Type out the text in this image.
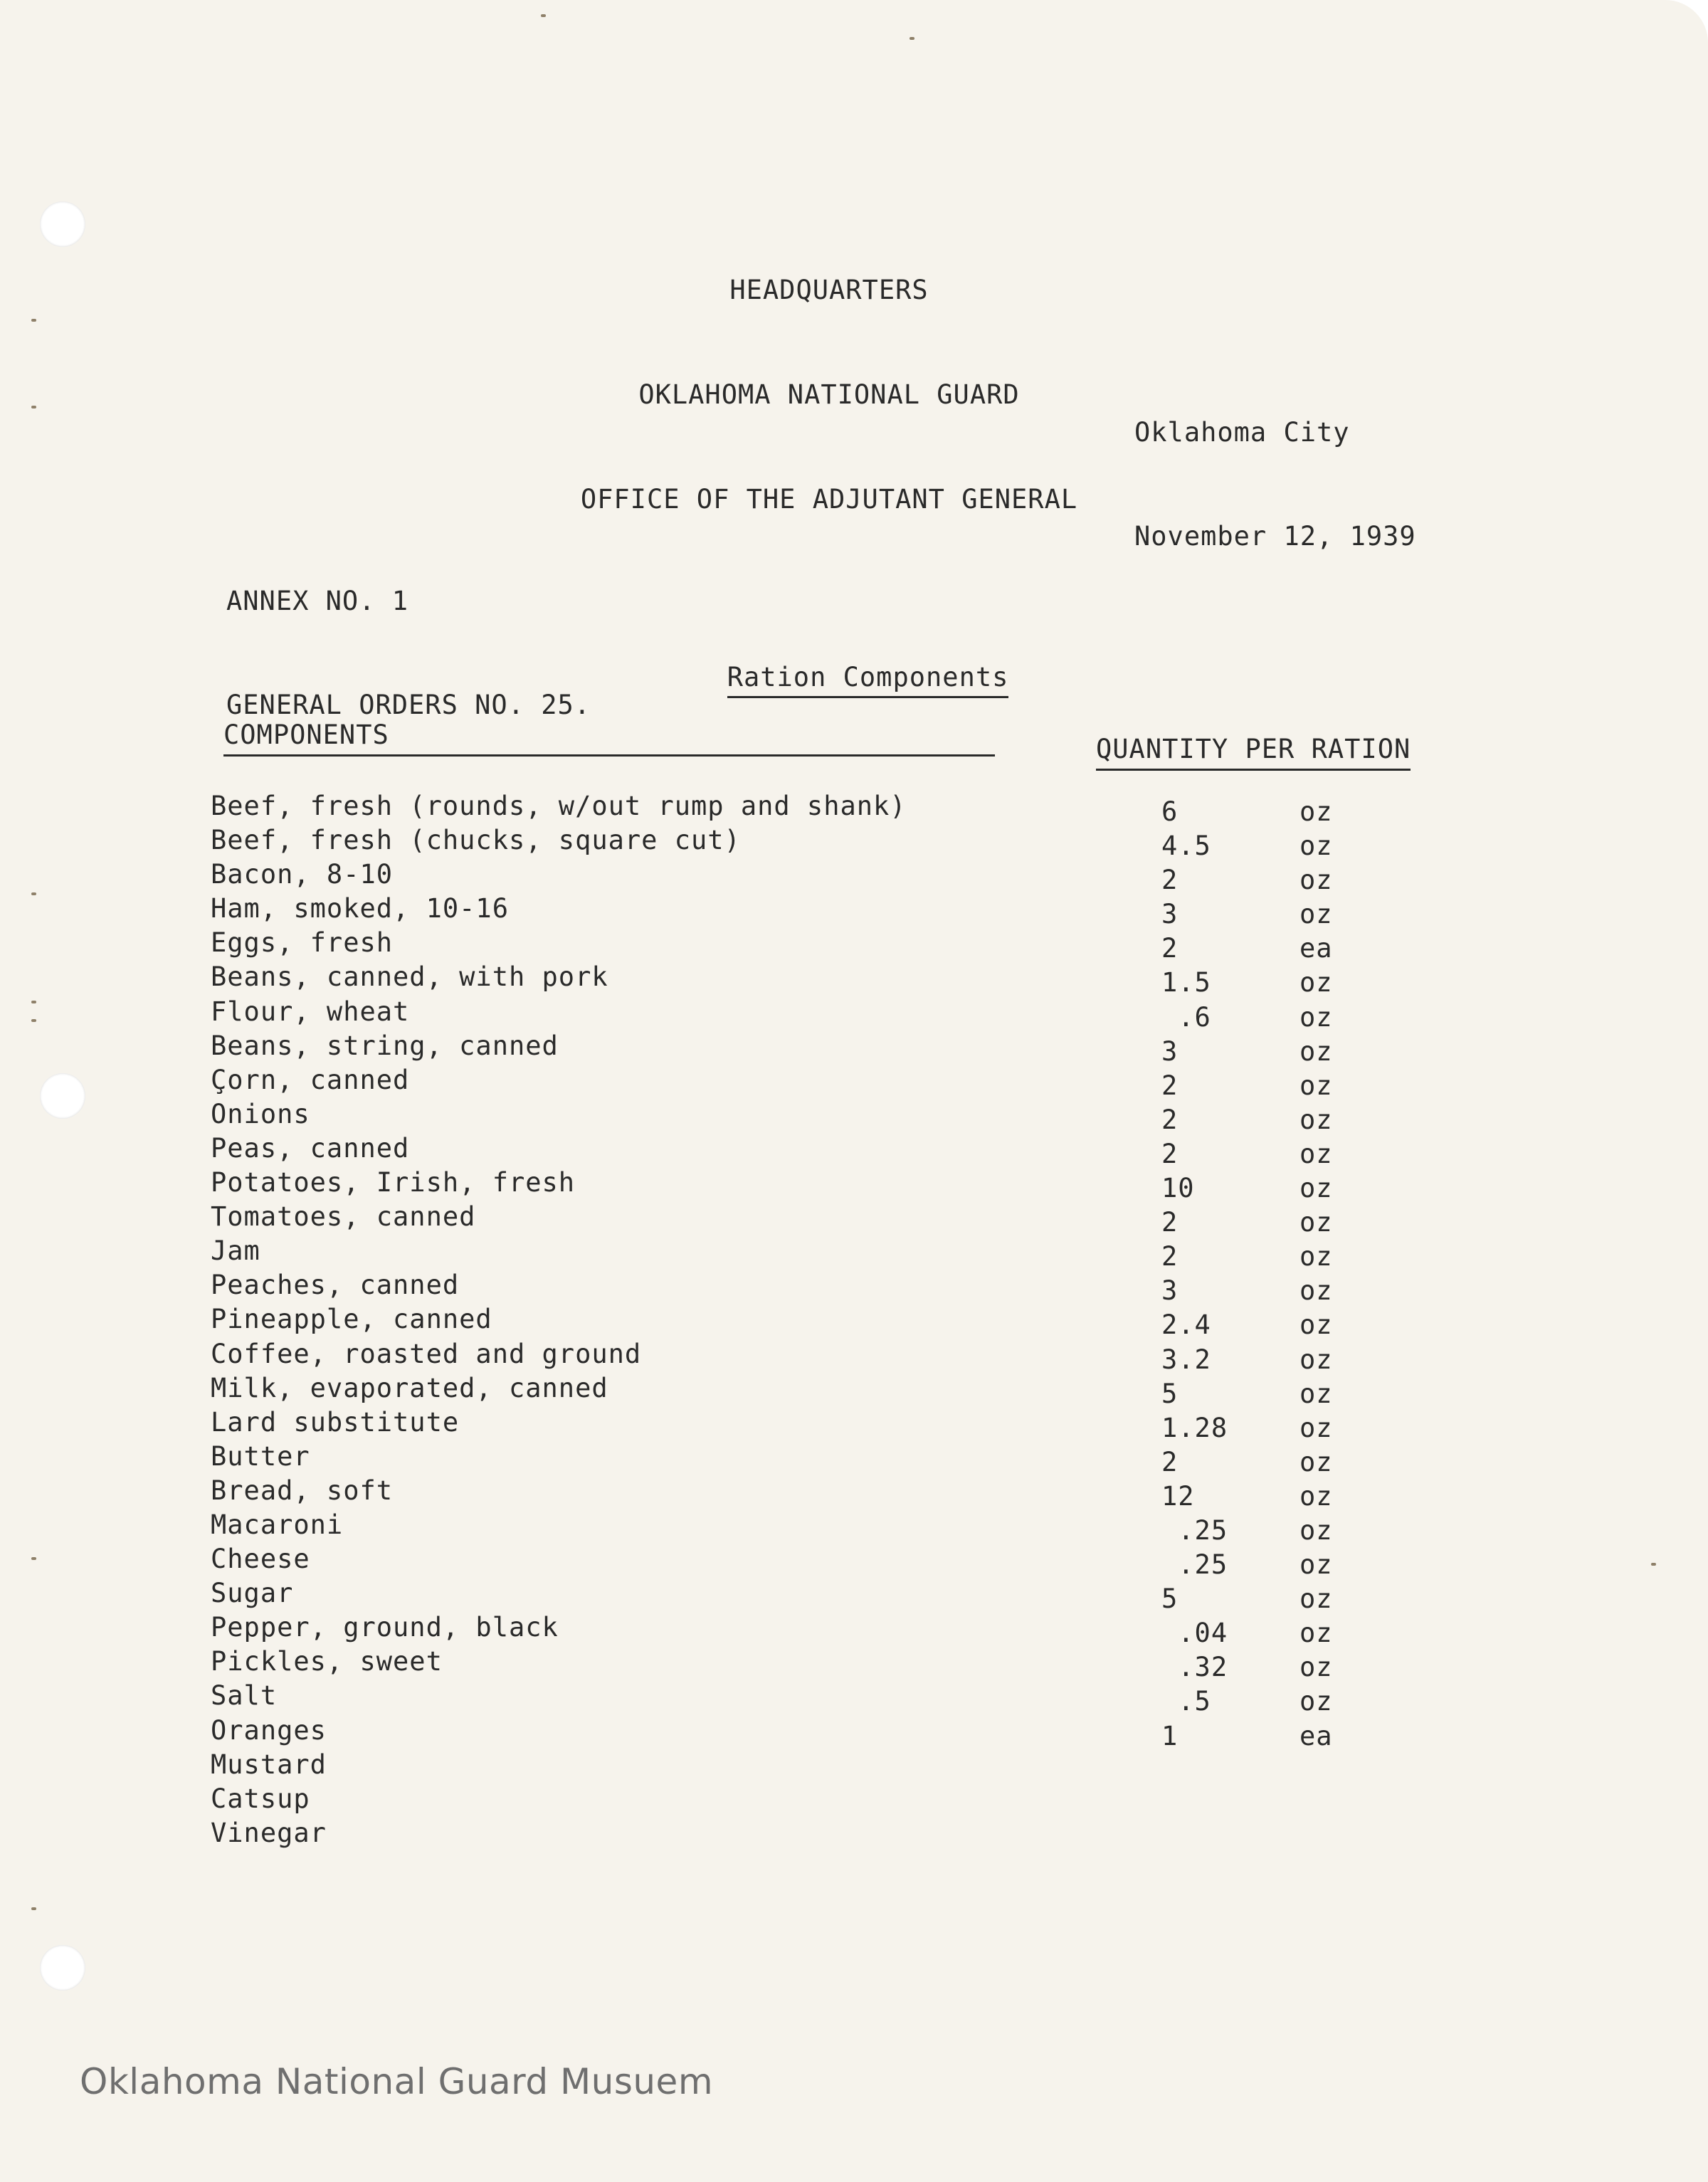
HEADQUARTERS

OKLAHOMA NATIONAL GUARD

OFFICE OF THE ADJUTANT GENERAL

Oklahoma City

November 12, 1939

ANNEX NO. 1

GENERAL ORDERS NO. 25.

Ration Components

COMPONENTS	QUANTITY PER RATION
Beef, fresh (rounds, w/out rump and shank)	6	oz
Beef, fresh (chucks, square cut)	4.5	oz
Bacon, 8-10	2	oz
Ham, smoked, 10-16	3	oz
Eggs, fresh	2	ea
Beans, canned, with pork	1.5	oz
Flour, wheat	.6	oz
Beans, string, canned	3	oz
Çorn, canned	2	oz
Onions	2	oz
Peas, canned	2	oz
Potatoes, Irish, fresh	10	oz
Tomatoes, canned	2	oz
Jam	2	oz
Peaches, canned	3	oz
Pineapple, canned	2.4	oz
Coffee, roasted and ground	3.2	oz
Milk, evaporated, canned	5	oz
Lard substitute	1.28	oz
Butter	2	oz
Bread, soft	12	oz
Macaroni	.25	oz
Cheese	.25	oz
Sugar	5	oz
Pepper, ground, black	.04	oz
Pickles, sweet	.32	oz
Salt	.5	oz
Oranges	1	ea
Mustard
Catsup
Vinegar
Oklahoma National Guard Musuem
